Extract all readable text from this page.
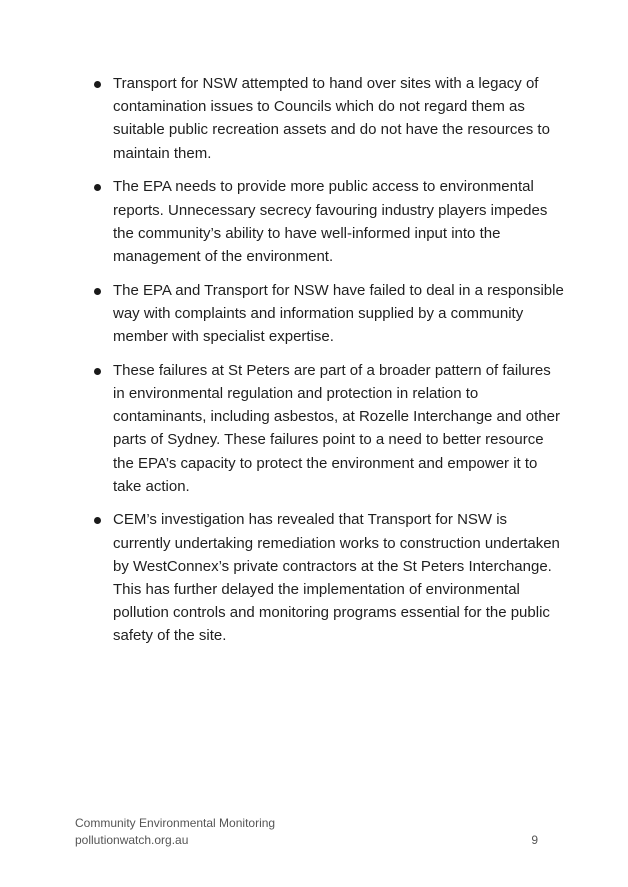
Transport for NSW attempted to hand over sites with a legacy of contamination issues to Councils which do not regard them as suitable public recreation assets and do not have the resources to maintain them.
The EPA needs to provide more public access to environmental reports. Unnecessary secrecy favouring industry players impedes the community’s ability to have well-informed input into the management of the environment.
The EPA and Transport for NSW have failed to deal in a responsible way with complaints and information supplied by a community member with specialist expertise.
These failures at St Peters are part of a broader pattern of failures in environmental regulation and protection in relation to contaminants, including asbestos, at Rozelle Interchange and other parts of Sydney. These failures point to a need to better resource the EPA’s capacity to protect the environment and empower it to take action.
CEM’s investigation has revealed that Transport for NSW is currently undertaking remediation works to construction undertaken by WestConnex’s private contractors at the St Peters Interchange. This has further delayed the implementation of environmental pollution controls and monitoring programs essential for the public safety of the site.
Community Environmental Monitoring
pollutionwatch.org.au	9
